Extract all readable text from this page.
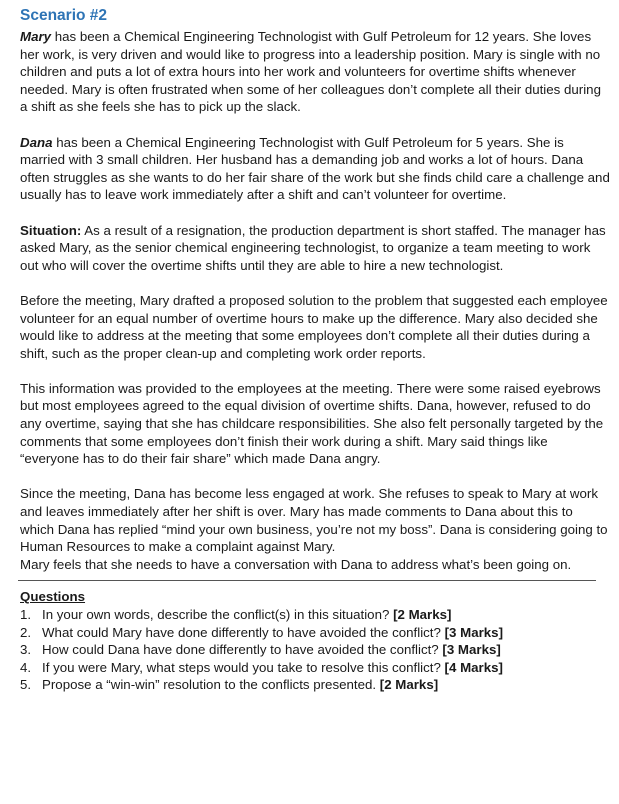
Scenario #2

Mary has been a Chemical Engineering Technologist with Gulf Petroleum for 12 years. She loves her work, is very driven and would like to progress into a leadership position. Mary is single with no children and puts a lot of extra hours into her work and volunteers for overtime shifts whenever needed. Mary is often frustrated when some of her colleagues don’t complete all their duties during a shift as she feels she has to pick up the slack.

Dana has been a Chemical Engineering Technologist with Gulf Petroleum for 5 years. She is married with 3 small children. Her husband has a demanding job and works a lot of hours. Dana often struggles as she wants to do her fair share of the work but she finds child care a challenge and usually has to leave work immediately after a shift and can’t volunteer for overtime.

Situation: As a result of a resignation, the production department is short staffed. The manager has asked Mary, as the senior chemical engineering technologist, to organize a team meeting to work out who will cover the overtime shifts until they are able to hire a new technologist.

Before the meeting, Mary drafted a proposed solution to the problem that suggested each employee volunteer for an equal number of overtime hours to make up the difference. Mary also decided she would like to address at the meeting that some employees don’t complete all their duties during a shift, such as the proper clean-up and completing work order reports.

This information was provided to the employees at the meeting. There were some raised eyebrows but most employees agreed to the equal division of overtime shifts. Dana, however, refused to do any overtime, saying that she has childcare responsibilities. She also felt personally targeted by the comments that some employees don’t finish their work during a shift. Mary said things like “everyone has to do their fair share” which made Dana angry.

Since the meeting, Dana has become less engaged at work. She refuses to speak to Mary at work and leaves immediately after her shift is over. Mary has made comments to Dana about this to which Dana has replied “mind your own business, you’re not my boss”. Dana is considering going to Human Resources to make a complaint against Mary.

Mary feels that she needs to have a conversation with Dana to address what’s been going on.

Questions
1. In your own words, describe the conflict(s) in this situation? [2 Marks]
2. What could Mary have done differently to have avoided the conflict? [3 Marks]
3. How could Dana have done differently to have avoided the conflict? [3 Marks]
4. If you were Mary, what steps would you take to resolve this conflict? [4 Marks]
5. Propose a “win-win” resolution to the conflicts presented. [2 Marks]
